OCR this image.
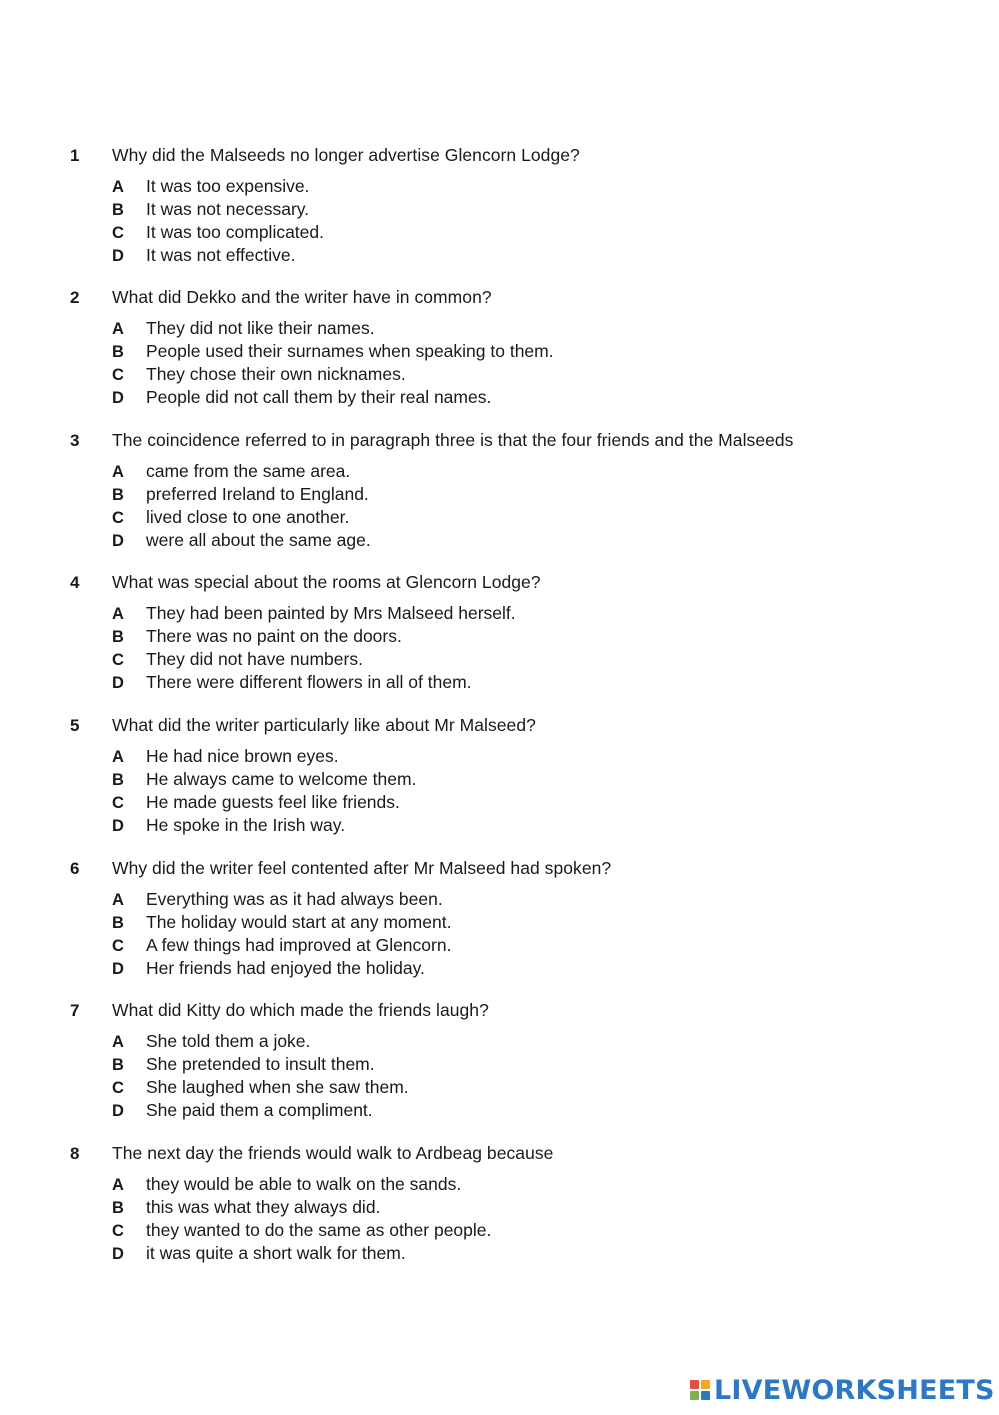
1	Why did the Malseeds no longer advertise Glencorn Lodge?
A	It was too expensive.
B	It was not necessary.
C	It was too complicated.
D	It was not effective.
2	What did Dekko and the writer have in common?
A	They did not like their names.
B	People used their surnames when speaking to them.
C	They chose their own nicknames.
D	People did not call them by their real names.
3	The coincidence referred to in paragraph three is that the four friends and the Malseeds
A	came from the same area.
B	preferred Ireland to England.
C	lived close to one another.
D	were all about the same age.
4	What was special about the rooms at Glencorn Lodge?
A	They had been painted by Mrs Malseed herself.
B	There was no paint on the doors.
C	They did not have numbers.
D	There were different flowers in all of them.
5	What did the writer particularly like about Mr Malseed?
A	He had nice brown eyes.
B	He always came to welcome them.
C	He made guests feel like friends.
D	He spoke in the Irish way.
6	Why did the writer feel contented after Mr Malseed had spoken?
A	Everything was as it had always been.
B	The holiday would start at any moment.
C	A few things had improved at Glencorn.
D	Her friends had enjoyed the holiday.
7	What did Kitty do which made the friends laugh?
A	She told them a joke.
B	She pretended to insult them.
C	She laughed when she saw them.
D	She paid them a compliment.
8	The next day the friends would walk to Ardbeag because
A	they would be able to walk on the sands.
B	this was what they always did.
C	they wanted to do the same as other people.
D	it was quite a short walk for them.
LIVEWORKSHEETS
